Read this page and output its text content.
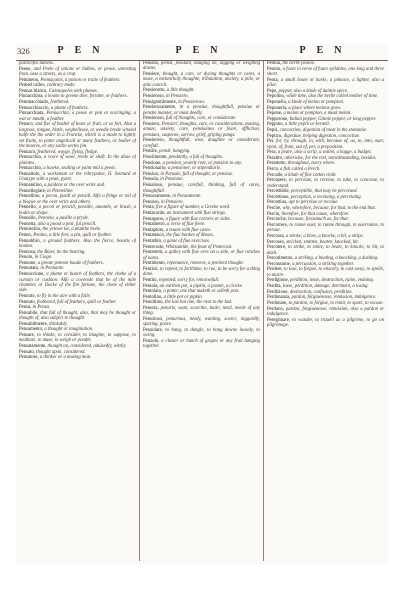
326	PEN	PEN	PEN

pulchrifex tumens.

Peene, and Peele of onions or bulbes, or pease, unresting from, osse a streets, as a crop.

Pemmeon, Pennaçonis, a poison or traite of feathers.

Pemed calleo, contrary mede.

Pennas blanco, Calonapoles with plumes.

Pinnacchioa, a hooke to greene dive, ferniter, or feathers.

Pemmacchiado, feathered.

Pennacchiaccio, a plume of feathers.

Pinnacchiata, Pennacchia, a pease or pan or scaringing, a wat or mouth, a feather.

Penaco, and fixe of bushel of beste or frait, or so fort. Also a largesse, tongue, bistle, wegheliesse, or weedie brode wholed halfe the the order in a Francke, which is a mode to lightly set fruite, to ponte angelicall or many feathers, or bodier of the moores, or any suche sectes pin.

Pennaco, feathered, wayge, flying, fledge.

Pennacchio, a voice of wool, reede or sheft. In the disse of plaintes.

Pennacchio, a hawke, sealing or paint mid a pewit.

Pennaitolo, a workeman or the rebrypaine, II. Sennard et Unatype with a pean, pyeet.

Pennaiolino, a paidene or the over write and.

Pennellegiare, to Pennelline.

Pennellino, a pecon, pusill or pensill. Alfo a fringe or teil of a bisqwe or the over write and others.

Pennello, a pecon or pencill, pensille, amantle, or brush, a bodin or shape.

Pennello, Pennela, a pusille a pryde.

Pennetta, also a pooul a pest, ful pencill.

Penniechio, the yelowe lat, a planthe heele.

Penno, Penino, a litle feet, a pin, quill or feather.

Pennobbro, a ground feathers. Also the fierce, beastis of bookes.

Pennosa, the Riuer, tle the bearing.

Penolo, in Ciogo.

Pennone, a greate pennon baude of feathers.

Pennutato, in Pennante.

Pennuccione, a plume or bunch of feathers, the clothe of a curtain or cushion. Alfo a coverede that be of the mile chamber, or Dacke of the fire fortune, the clone of either side.

Pennuto, to fly in the aire with a faile.

Pennuto, feathered, full of feathers, quill or feather.

Pensa, in Pensa.

Pensabile, that full of thought, also, that may be thought or thought of, also subject to thought.

Pensabilmente, thinkably.

Pensamento, a thought or imagination.

Pensare, to thinke, to consider, to imagine, to suppose, to meditate, to muse, to weigh or ponder.

Pensatamente, thought on, considered, aduisedly, wittily.

Pensato, thought upon, considered.

Pensatore, a thinker or a musing man.

Pensola, pensil, pendant, hanging on, lagging or weighing downe.

Pensiere, thought, a care, or dyeing thoughts or cares, a muse, a melancholy thoughte, tribulation, anxiety, a pitie, or anie conceit.

Pensierotto, a litle thought.

Pensieroso, in Pensiero.

Pensigentilmente, in Pensieroso.

Pensierosamente, in a pensiue, thoughtfull, pensiue or pensite manner, or most deedly.

Pensieroso, full of thoughts, care, or considerate.

Pensiero, Pensieri, thoughts, care, or considerations, musing, amaze, anxiety, care, pensiuenes or feare, affliction, pensiues, suspense, sorrow, grief, griping pangs.

Pensieroso, thoughtfull, wise, doughtie or considerate, carefull.

Pensile, pensil, hangyng.

Pensilmente, pendantly, a full of thoughts.

Pensione, a pension, yearely rent, or pension to any.

Pensionario, a pensioner, or stipendiarie.

Pensiuo, in Pensuie, full of thought, or pensiue.

Pensola, in Pensione.

Pensoloso, pensiue, carefull, thinking, fall of cares, thoughtfull.

Pensosamente, in Pensamente.

Pensoso, in Pensiero.

Penta, five a figure of number, a Greeke word.

Pentacordo, an instrument with fiue strings.

Pentagono, a figure with fiue corners or sides.

Pentametro, a verse of fiue feete.

Pentaptoto, a noune with fiue cases.

Pentateuco, the fiue bookes of Moses.

Pentathlo, a game of fiue exercises.

Pentecoste, Whitsuntide, the feast of Pentecost.

Penteremi, a galley with fiue ores on a side, or fiue ranckes of oares.

Pentimento, repentance, remorse, a penitent thought.

Pentirsi, to repent, to forthinke, to rue, to be sorry for a thing done.

Pentito, repented, sorry for, remorsefull.

Pentola, an earthen pot, a pipkin, a posnet, a crocke.

Pentolaio, a potter, one that maketh or selleth pots.

Pentolino, a little pot or pipkin.

Penultimo, the last but one, the next to the last.

Penuria, penurie, want, scarcitie, lacke, need, neede of any thing.

Penurioso, penurious, needy, wanting, scarce, niggardly, sparing, poore.

Penzolare, to hang, to dangle, to hang downe loosely, to swing.

Penzolo, a cluster or bunch of grapes or any fruit hanging together.

Peonia, the herbe peonie.

Peonio, a foote in verse of foure syllables, one long and three short.

Peota, a small boate or barke, a pinnace, a lighter, also a pilot.

Pepe, pepper, also a kinde of daintie spice.

Pepolino, wilde time, also the herbe called mother of time.

Peponella, a kinde of melon or pompion.

Peponeria, a place where melons grow.

Pepone, a melon or pompion, a musk melon.

Pepperone, Indian pepper, Ginnie pepper, or long pepper.

Peppino, a little pepin or kernell.

Pepsi, concoction, digestion of meat in the stomacke.

Peptico, digestiue, helping digestion, concoctiue.

Per, for, by, through, in, with, because of, as, to, into, ouer, vpon, of, from, out of, per, a preposition.

Pera, a peare, also a scrip, a wallet, a bagge, a budget.

Peraltro, otherwise, for the rest, notwithstanding, besides.

Perattutto, throughout, euery where.

Perca, a fish called a Perch.

Percalle, a kinde of fine cotton cloth.

Percepere, to perceiue, to receiue, to take, to conceiue, to vnderstand.

Percettibile, perceptible, that may be perceiued.

Percettione, perception, a receiuing, a perceiuing.

Percettiuo, apt to perceiue or receiue.

Perche, why, wherefore, because, for that, to the end that.

Percio, therefore, for that cause, wherefore.

Percioche, because, forasmuch as, for that.

Percorrere, to runne ouer, to runne through, to ouerrunne, to peruse.

Percossa, a stroke, a blow, a knocke, a hit, a stripe.

Percosso, stricken, smitten, beaten, knocked, hit.

Percotere, to strike, to smite, to beate, to knocke, to hit, to dash.

Percotimento, a striking, a beating, a knocking, a dashing.

Percussione, a percussion, a striking together.

Perdere, to lose, to forgoe, to miscary, to cast away, to spoile, to marre.

Perdigione, perdition, losse, destruction, ruine, vndoing.

Perdita, losse, perdition, damage, detriment, a losing.

Perdizione, destruction, confusion, perdition.

Perdonanza, pardon, forgiuenesse, remission, indulgence.

Perdonare, to pardon, to forgiue, to remit, to spare, to excuse.

Perdono, pardon, forgiuenesse, remission, also a pardon or indulgence.

Peregrinare, to wander, to trauell as a pilgrime, to go on pilgrimage.
